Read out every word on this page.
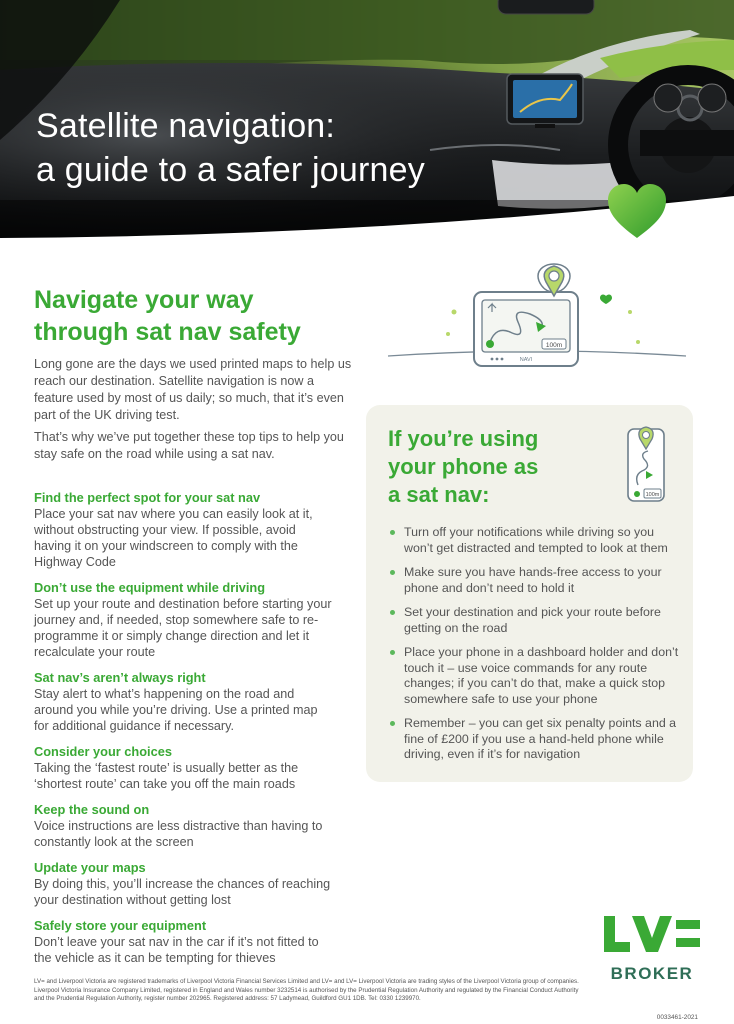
Satellite navigation:
a guide to a safer journey
Navigate your way
through sat nav safety

Long gone are the days we used printed maps to help us reach our destination. Satellite navigation is now a feature used by most of us daily; so much, that it’s even part of the UK driving test.

That’s why we’ve put together these top tips to help you stay safe on the road while using a sat nav.

Find the perfect spot for your sat nav
Place your sat nav where you can easily look at it, without obstructing your view. If possible, avoid having it on your windscreen to comply with the Highway Code
Don’t use the equipment while driving
Set up your route and destination before starting your journey and, if needed, stop somewhere safe to re-programme it or simply change direction and let it recalculate your route
Sat nav’s aren’t always right
Stay alert to what’s happening on the road and around you while you’re driving. Use a printed map for additional guidance if necessary.
Consider your choices
Taking the ‘fastest route’ is usually better as the ‘shortest route’ can take you off the main roads
Keep the sound on
Voice instructions are less distractive than having to constantly look at the screen
Update your maps
By doing this, you’ll increase the chances of reaching your destination without getting lost
Safely store your equipment
Don’t leave your sat nav in the car if it’s not fitted to the vehicle as it can be tempting for thieves
100m
NAVI
If you’re using
your phone as
a sat nav:	100m
Turn off your notifications while driving so you won’t get distracted and tempted to look at them
Make sure you have hands-free access to your phone and don’t need to hold it
Set your destination and pick your route before getting on the road
Place your phone in a dashboard holder and don’t touch it – use voice commands for any route changes; if you can’t do that, make a quick stop somewhere safe to use your phone
Remember – you can get six penalty points and a fine of £200 if you use a hand-held phone while driving, even if it’s for navigation
BROKER
LV= and Liverpool Victoria are registered trademarks of Liverpool Victoria Financial Services Limited and LV= and LV= Liverpool Victoria are trading styles of the Liverpool Victoria group of companies.
Liverpool Victoria Insurance Company Limited, registered in England and Wales number 3232514 is authorised by the Prudential Regulation Authority and regulated by the Financial Conduct Authority
and the Prudential Regulation Authority, register number 202965. Registered address: 57 Ladymead, Guildford GU1 1DB. Tel: 0330 1239970.
0033461-2021
